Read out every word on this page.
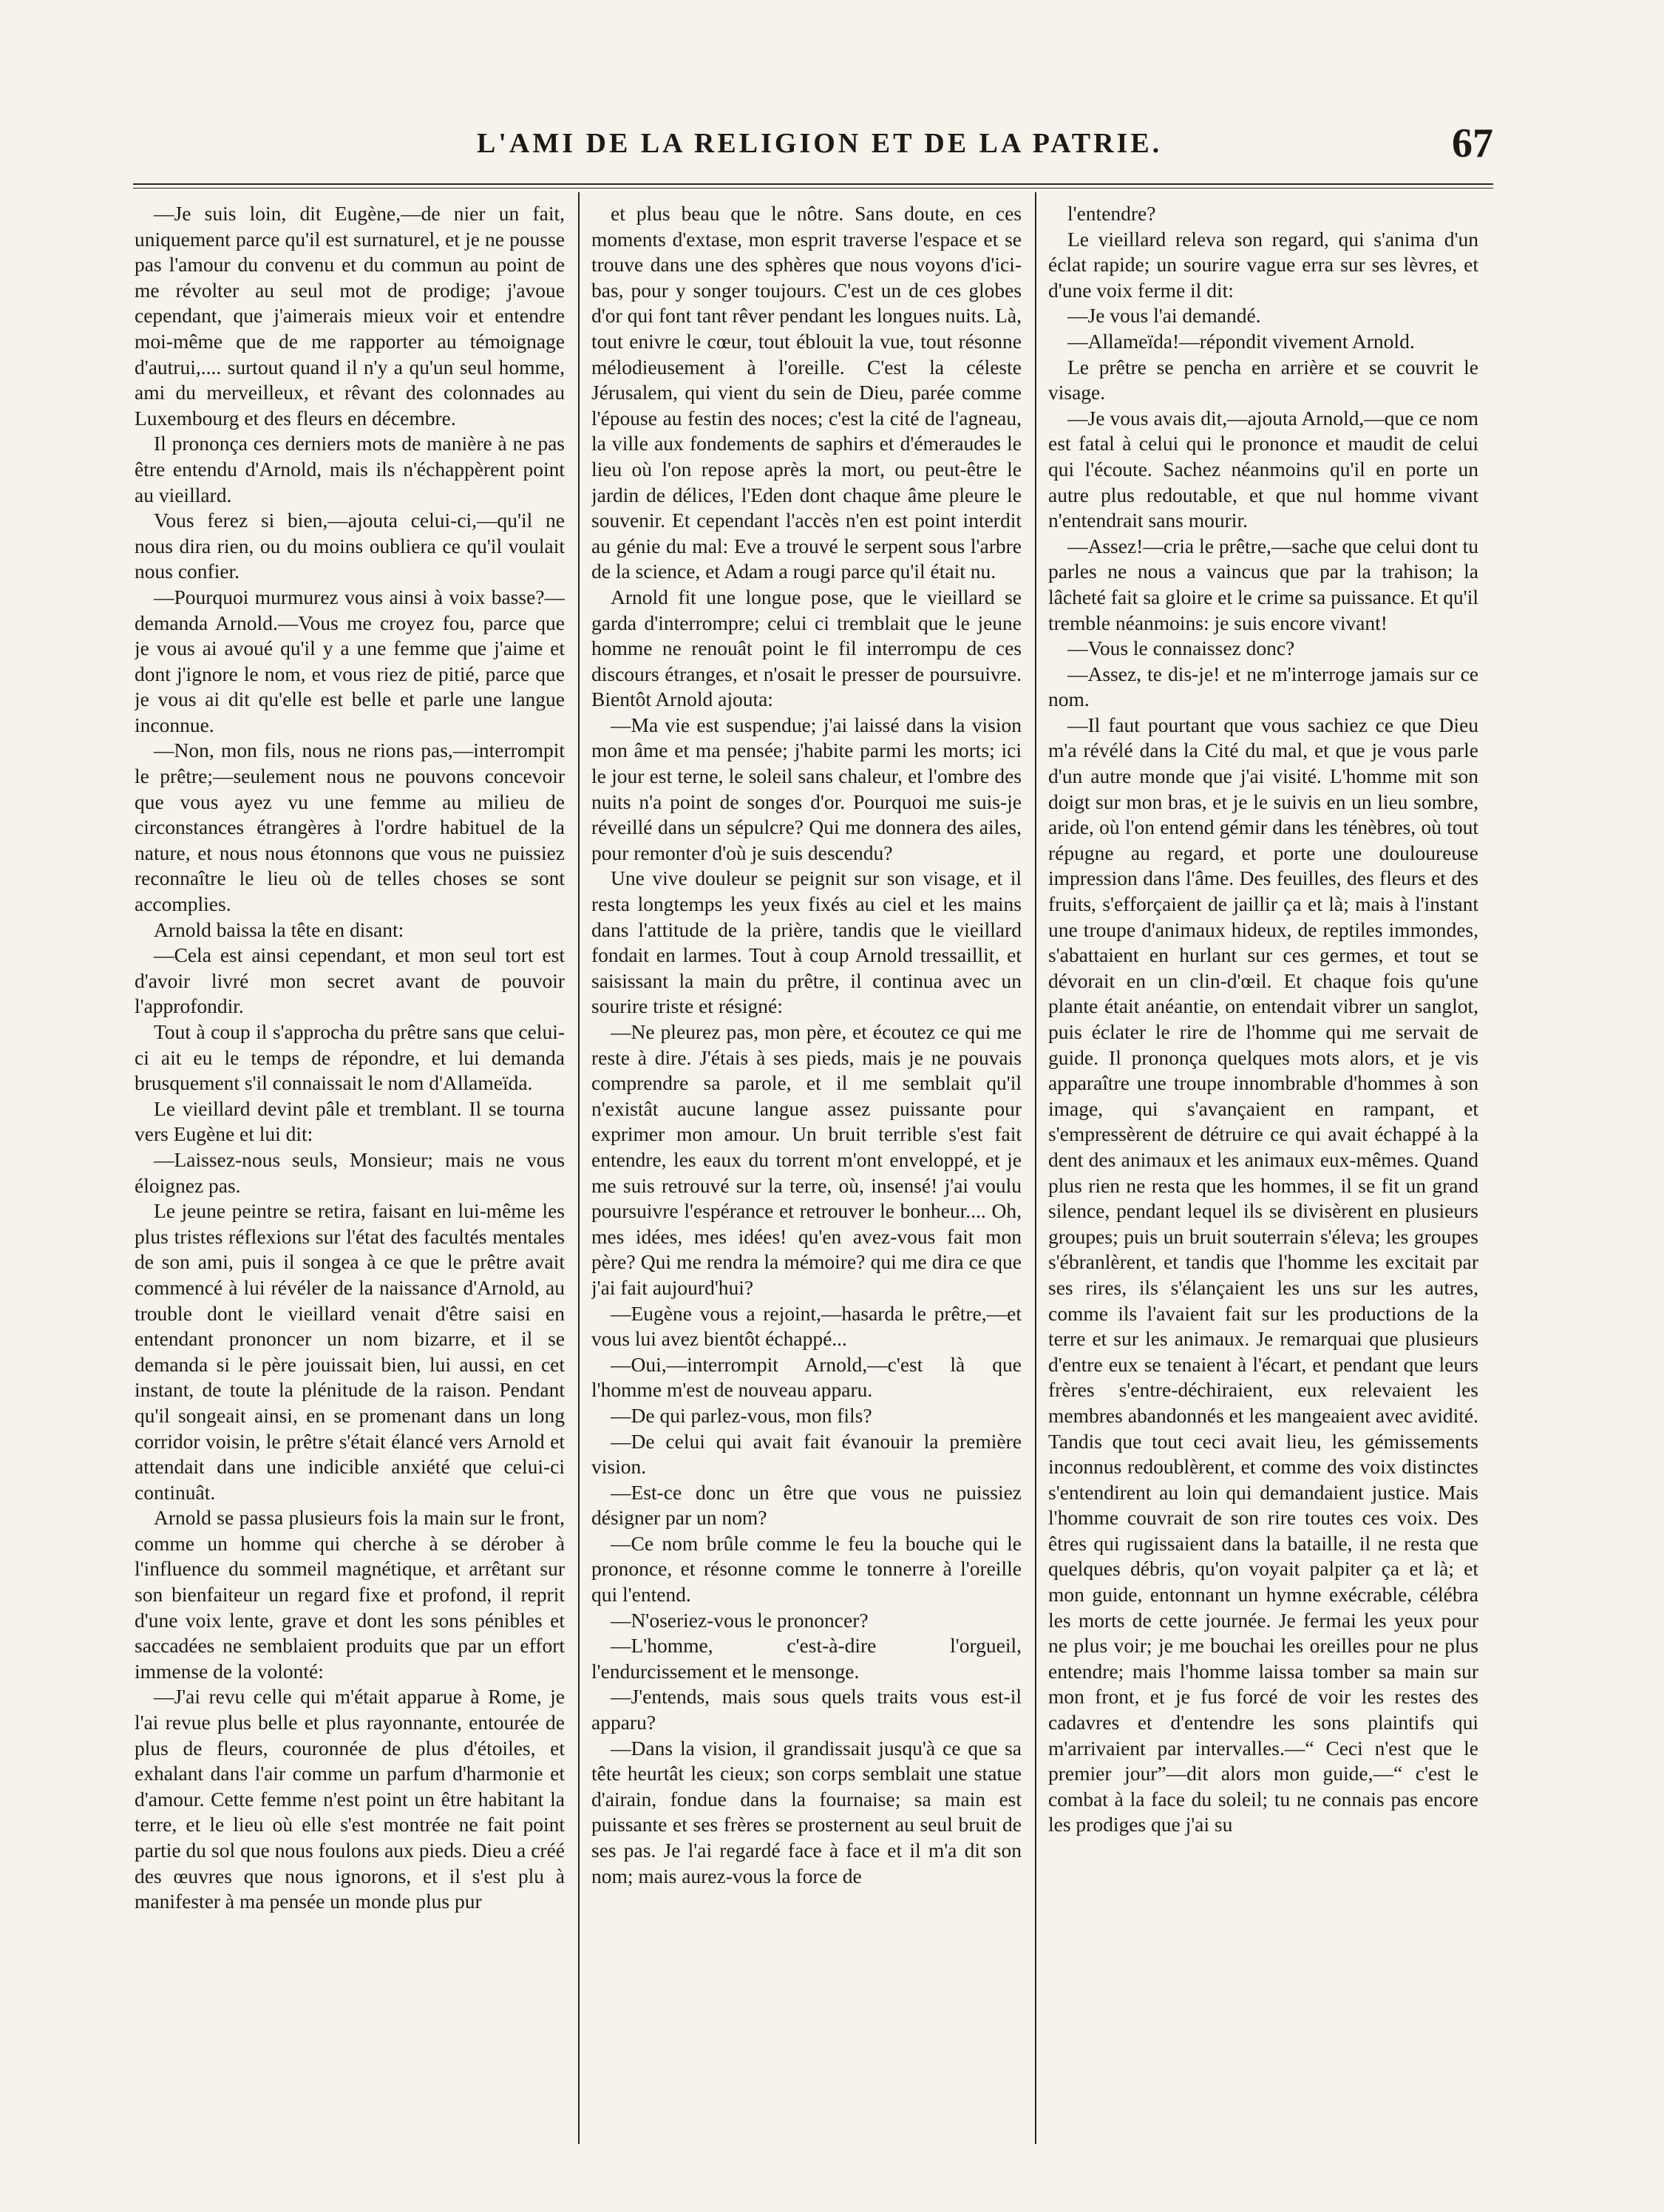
L'AMI DE LA RELIGION ET DE LA PATRIE.	67

—Je suis loin, dit Eugène,—de nier un fait, uniquement parce qu'il est surnaturel, et je ne pousse pas l'amour du convenu et du commun au point de me révolter au seul mot de prodige; j'avoue cependant, que j'aimerais mieux voir et entendre moi-même que de me rapporter au témoignage d'autrui,.... surtout quand il n'y a qu'un seul homme, ami du merveilleux, et rêvant des colonnades au Luxembourg et des fleurs en décembre.

Il prononça ces derniers mots de manière à ne pas être entendu d'Arnold, mais ils n'échappèrent point au vieillard.

Vous ferez si bien,—ajouta celui-ci,—qu'il ne nous dira rien, ou du moins oubliera ce qu'il voulait nous confier.

—Pourquoi murmurez vous ainsi à voix basse?—demanda Arnold.—Vous me croyez fou, parce que je vous ai avoué qu'il y a une femme que j'aime et dont j'ignore le nom, et vous riez de pitié, parce que je vous ai dit qu'elle est belle et parle une langue inconnue.

—Non, mon fils, nous ne rions pas,—interrompit le prêtre;—seulement nous ne pouvons concevoir que vous ayez vu une femme au milieu de circonstances étrangères à l'ordre habituel de la nature, et nous nous étonnons que vous ne puissiez reconnaître le lieu où de telles choses se sont accomplies.

Arnold baissa la tête en disant:

—Cela est ainsi cependant, et mon seul tort est d'avoir livré mon secret avant de pouvoir l'approfondir.

Tout à coup il s'approcha du prêtre sans que celui-ci ait eu le temps de répondre, et lui demanda brusquement s'il connaissait le nom d'Allameïda.

Le vieillard devint pâle et tremblant. Il se tourna vers Eugène et lui dit:

—Laissez-nous seuls, Monsieur; mais ne vous éloignez pas.

Le jeune peintre se retira, faisant en lui-même les plus tristes réflexions sur l'état des facultés mentales de son ami, puis il songea à ce que le prêtre avait commencé à lui révéler de la naissance d'Arnold, au trouble dont le vieillard venait d'être saisi en entendant prononcer un nom bizarre, et il se demanda si le père jouissait bien, lui aussi, en cet instant, de toute la plénitude de la raison. Pendant qu'il songeait ainsi, en se promenant dans un long corridor voisin, le prêtre s'était élancé vers Arnold et attendait dans une indicible anxiété que celui-ci continuât.

Arnold se passa plusieurs fois la main sur le front, comme un homme qui cherche à se dérober à l'influence du sommeil magnétique, et arrêtant sur son bienfaiteur un regard fixe et profond, il reprit d'une voix lente, grave et dont les sons pénibles et saccadées ne semblaient produits que par un effort immense de la volonté:

—J'ai revu celle qui m'était apparue à Rome, je l'ai revue plus belle et plus rayonnante, entourée de plus de fleurs, couronnée de plus d'étoiles, et exhalant dans l'air comme un parfum d'harmonie et d'amour. Cette femme n'est point un être habitant la terre, et le lieu où elle s'est montrée ne fait point partie du sol que nous foulons aux pieds. Dieu a créé des œuvres que nous ignorons, et il s'est plu à manifester à ma pensée un monde plus pur

et plus beau que le nôtre. Sans doute, en ces moments d'extase, mon esprit traverse l'espace et se trouve dans une des sphères que nous voyons d'ici-bas, pour y songer toujours. C'est un de ces globes d'or qui font tant rêver pendant les longues nuits. Là, tout enivre le cœur, tout éblouit la vue, tout résonne mélodieusement à l'oreille. C'est la céleste Jérusalem, qui vient du sein de Dieu, parée comme l'épouse au festin des noces; c'est la cité de l'agneau, la ville aux fondements de saphirs et d'émeraudes le lieu où l'on repose après la mort, ou peut-être le jardin de délices, l'Eden dont chaque âme pleure le souvenir. Et cependant l'accès n'en est point interdit au génie du mal: Eve a trouvé le serpent sous l'arbre de la science, et Adam a rougi parce qu'il était nu.

Arnold fit une longue pose, que le vieillard se garda d'interrompre; celui ci tremblait que le jeune homme ne renouât point le fil interrompu de ces discours étranges, et n'osait le presser de poursuivre. Bientôt Arnold ajouta:

—Ma vie est suspendue; j'ai laissé dans la vision mon âme et ma pensée; j'habite parmi les morts; ici le jour est terne, le soleil sans chaleur, et l'ombre des nuits n'a point de songes d'or. Pourquoi me suis-je réveillé dans un sépulcre? Qui me donnera des ailes, pour remonter d'où je suis descendu?

Une vive douleur se peignit sur son visage, et il resta longtemps les yeux fixés au ciel et les mains dans l'attitude de la prière, tandis que le vieillard fondait en larmes. Tout à coup Arnold tressaillit, et saisissant la main du prêtre, il continua avec un sourire triste et résigné:

—Ne pleurez pas, mon père, et écoutez ce qui me reste à dire. J'étais à ses pieds, mais je ne pouvais comprendre sa parole, et il me semblait qu'il n'existât aucune langue assez puissante pour exprimer mon amour. Un bruit terrible s'est fait entendre, les eaux du torrent m'ont enveloppé, et je me suis retrouvé sur la terre, où, insensé! j'ai voulu poursuivre l'espérance et retrouver le bonheur.... Oh, mes idées, mes idées! qu'en avez-vous fait mon père? Qui me rendra la mémoire? qui me dira ce que j'ai fait aujourd'hui?

—Eugène vous a rejoint,—hasarda le prêtre,—et vous lui avez bientôt échappé...

—Oui,—interrompit Arnold,—c'est là que l'homme m'est de nouveau apparu.

—De qui parlez-vous, mon fils?

—De celui qui avait fait évanouir la première vision.

—Est-ce donc un être que vous ne puissiez désigner par un nom?

—Ce nom brûle comme le feu la bouche qui le prononce, et résonne comme le tonnerre à l'oreille qui l'entend.

—N'oseriez-vous le prononcer?

—L'homme, c'est-à-dire l'orgueil, l'endurcissement et le mensonge.

—J'entends, mais sous quels traits vous est-il apparu?

—Dans la vision, il grandissait jusqu'à ce que sa tête heurtât les cieux; son corps semblait une statue d'airain, fondue dans la fournaise; sa main est puissante et ses frères se prosternent au seul bruit de ses pas. Je l'ai regardé face à face et il m'a dit son nom; mais aurez-vous la force de

l'entendre?

Le vieillard releva son regard, qui s'anima d'un éclat rapide; un sourire vague erra sur ses lèvres, et d'une voix ferme il dit:

—Je vous l'ai demandé.

—Allameïda!—répondit vivement Arnold.

Le prêtre se pencha en arrière et se couvrit le visage.

—Je vous avais dit,—ajouta Arnold,—que ce nom est fatal à celui qui le prononce et maudit de celui qui l'écoute. Sachez néanmoins qu'il en porte un autre plus redoutable, et que nul homme vivant n'entendrait sans mourir.

—Assez!—cria le prêtre,—sache que celui dont tu parles ne nous a vaincus que par la trahison; la lâcheté fait sa gloire et le crime sa puissance. Et qu'il tremble néanmoins: je suis encore vivant!

—Vous le connaissez donc?

—Assez, te dis-je! et ne m'interroge jamais sur ce nom.

—Il faut pourtant que vous sachiez ce que Dieu m'a révélé dans la Cité du mal, et que je vous parle d'un autre monde que j'ai visité. L'homme mit son doigt sur mon bras, et je le suivis en un lieu sombre, aride, où l'on entend gémir dans les ténèbres, où tout répugne au regard, et porte une douloureuse impression dans l'âme. Des feuilles, des fleurs et des fruits, s'efforçaient de jaillir ça et là; mais à l'instant une troupe d'animaux hideux, de reptiles immondes, s'abattaient en hurlant sur ces germes, et tout se dévorait en un clin-d'œil. Et chaque fois qu'une plante était anéantie, on entendait vibrer un sanglot, puis éclater le rire de l'homme qui me servait de guide. Il prononça quelques mots alors, et je vis apparaître une troupe innombrable d'hommes à son image, qui s'avançaient en rampant, et s'empressèrent de détruire ce qui avait échappé à la dent des animaux et les animaux eux-mêmes. Quand plus rien ne resta que les hommes, il se fit un grand silence, pendant lequel ils se divisèrent en plusieurs groupes; puis un bruit souterrain s'éleva; les groupes s'ébranlèrent, et tandis que l'homme les excitait par ses rires, ils s'élançaient les uns sur les autres, comme ils l'avaient fait sur les productions de la terre et sur les animaux. Je remarquai que plusieurs d'entre eux se tenaient à l'écart, et pendant que leurs frères s'entre-déchiraient, eux relevaient les membres abandonnés et les mangeaient avec avidité. Tandis que tout ceci avait lieu, les gémissements inconnus redoublèrent, et comme des voix distinctes s'entendirent au loin qui demandaient justice. Mais l'homme couvrait de son rire toutes ces voix. Des êtres qui rugissaient dans la bataille, il ne resta que quelques débris, qu'on voyait palpiter ça et là; et mon guide, entonnant un hymne exécrable, célébra les morts de cette journée. Je fermai les yeux pour ne plus voir; je me bouchai les oreilles pour ne plus entendre; mais l'homme laissa tomber sa main sur mon front, et je fus forcé de voir les restes des cadavres et d'entendre les sons plaintifs qui m'arrivaient par intervalles.—“ Ceci n'est que le premier jour”—dit alors mon guide,—“ c'est le combat à la face du soleil; tu ne connais pas encore les prodiges que j'ai su
